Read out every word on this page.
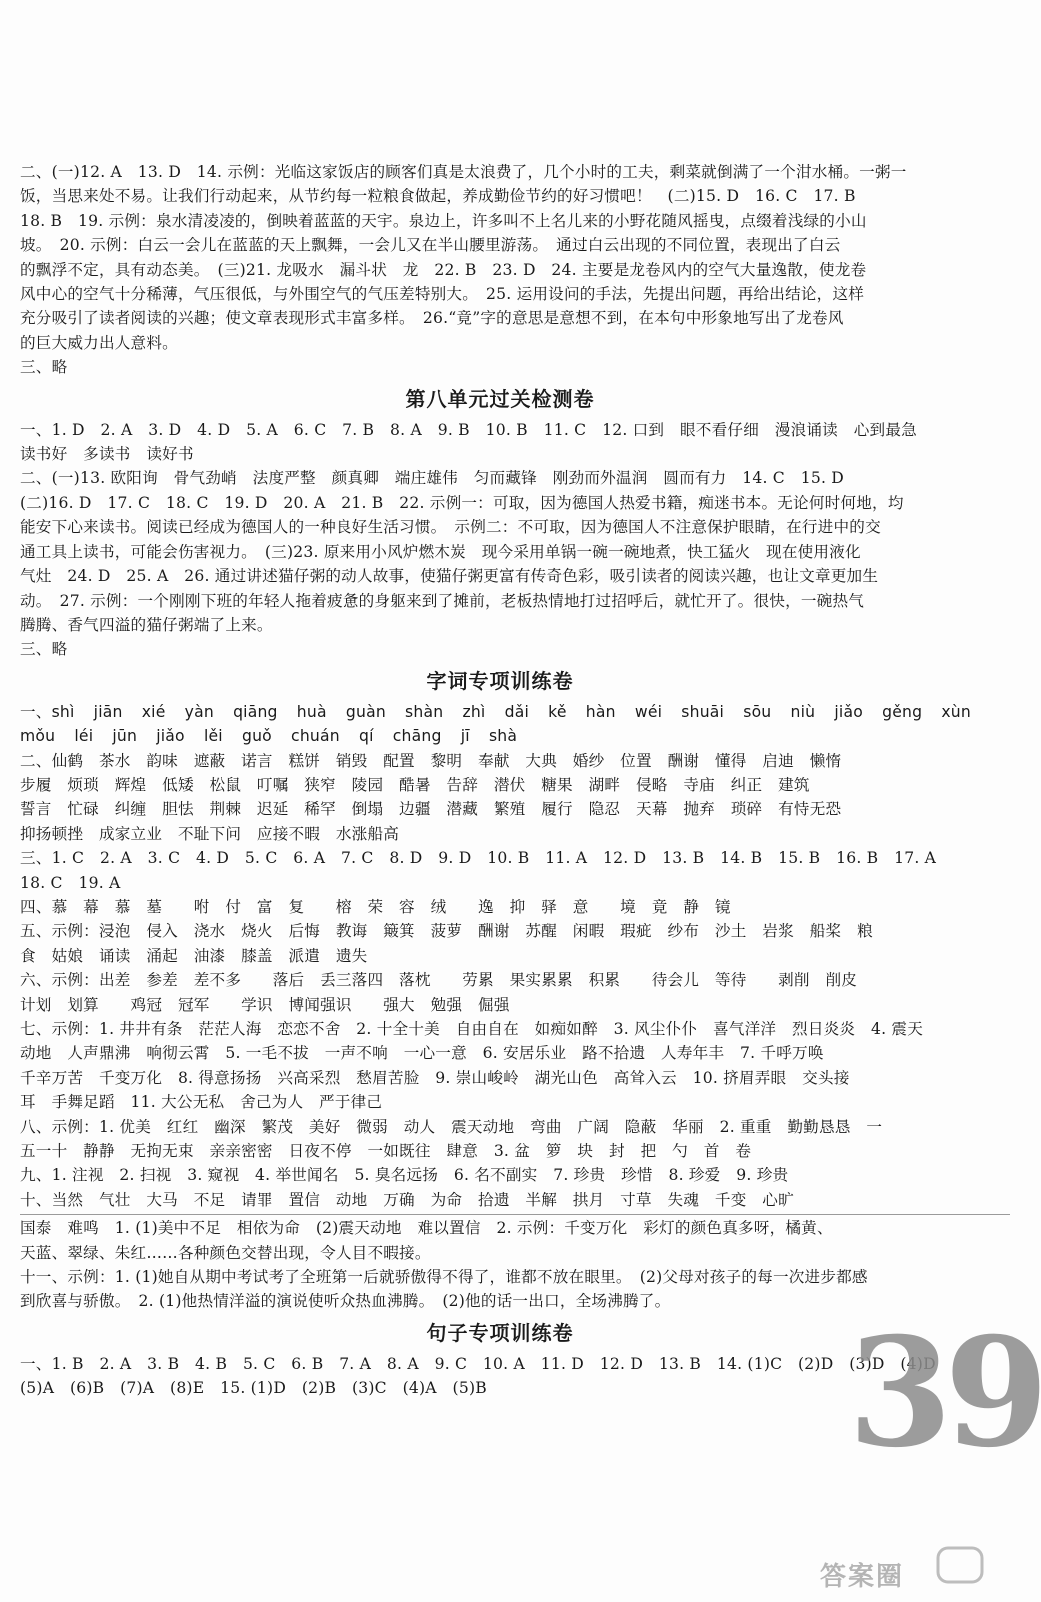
二、(一)12. A　13. D　14. 示例：光临这家饭店的顾客们真是太浪费了，几个小时的工夫，剩菜就倒满了一个泔水桶。一粥一
饭，当思来处不易。让我们行动起来，从节约每一粒粮食做起，养成勤俭节约的好习惯吧！　(二)15. D　16. C　17. B
18. B　19. 示例：泉水清凌凌的，倒映着蓝蓝的天宇。泉边上，许多叫不上名儿来的小野花随风摇曳，点缀着浅绿的小山
坡。　20. 示例：白云一会儿在蓝蓝的天上飘舞，一会儿又在半山腰里游荡。　通过白云出现的不同位置，表现出了白云
的飘浮不定，具有动态美。　(三)21. 龙吸水　漏斗状　龙　22. B　23. D　24. 主要是龙卷风内的空气大量逸散，使龙卷
风中心的空气十分稀薄，气压很低，与外围空气的气压差特别大。　25. 运用设问的手法，先提出问题，再给出结论，这样
充分吸引了读者阅读的兴趣；使文章表现形式丰富多样。　26.“竟”字的意思是意想不到，在本句中形象地写出了龙卷风
的巨大威力出人意料。
三、略
第八单元过关检测卷
一、1. D　2. A　3. D　4. D　5. A　6. C　7. B　8. A　9. B　10. B　11. C　12. 口到　眼不看仔细　漫浪诵读　心到最急
读书好　多读书　读好书
二、(一)13. 欧阳询　骨气劲峭　法度严整　颜真卿　端庄雄伟　匀而藏锋　刚劲而外温润　圆而有力　14. C　15. D
(二)16. D　17. C　18. C　19. D　20. A　21. B　22. 示例一：可取，因为德国人热爱书籍，痴迷书本。无论何时何地，均
能安下心来读书。阅读已经成为德国人的一种良好生活习惯。　示例二：不可取，因为德国人不注意保护眼睛，在行进中的交
通工具上读书，可能会伤害视力。　(三)23. 原来用小风炉燃木炭　现今采用单锅一碗一碗地煮，快工猛火　现在使用液化
气灶　24. D　25. A　26. 通过讲述猫仔粥的动人故事，使猫仔粥更富有传奇色彩，吸引读者的阅读兴趣，也让文章更加生
动。　27. 示例：一个刚刚下班的年轻人拖着疲惫的身躯来到了摊前，老板热情地打过招呼后，就忙开了。很快，一碗热气
腾腾、香气四溢的猫仔粥端了上来。
三、略
字词专项训练卷
一、shì jiān xié yàn qiāng huà guàn shàn zhì dǎi kě hàn wéi shuāi sōu niù jiǎo gěng xùn
mǒu léi jūn jiǎo lěi guǒ chuán qí chāng jī shà
二、仙鹤　茶水　韵味　遮蔽　诺言　糕饼　销毁　配置　黎明　奉献　大典　婚纱　位置　酬谢　懂得　启迪　懒惰
步履　烦琐　辉煌　低矮　松鼠　叮嘱　狭窄　陵园　酷暑　告辞　潜伏　糖果　湖畔　侵略　寺庙　纠正　建筑
誓言　忙碌　纠缠　胆怯　荆棘　迟延　稀罕　倒塌　边疆　潜藏　繁殖　履行　隐忍　天幕　抛弃　琐碎　有恃无恐
抑扬顿挫　成家立业　不耻下问　应接不暇　水涨船高
三、1. C　2. A　3. C　4. D　5. C　6. A　7. C　8. D　9. D　10. B　11. A　12. D　13. B　14. B　15. B　16. B　17. A
18. C　19. A
四、慕　幕　慕　墓　　咐　付　富　复　　榕　荣　容　绒　　逸　抑　驿　意　　境　竟　静　镜
五、示例：浸泡　侵入　浇水　烧火　后悔　教诲　簸箕　菠萝　酬谢　苏醒　闲暇　瑕疵　纱布　沙土　岩浆　船桨　粮
食　姑娘　诵读　涌起　油漆　膝盖　派遣　遗失
六、示例：出差　参差　差不多　　落后　丢三落四　落枕　　劳累　果实累累　积累　　待会儿　等待　　剥削　削皮
计划　划算　　鸡冠　冠军　　学识　博闻强识　　强大　勉强　倔强
七、示例：1. 井井有条　茫茫人海　恋恋不舍　2. 十全十美　自由自在　如痴如醉　3. 风尘仆仆　喜气洋洋　烈日炎炎　4. 震天
动地　人声鼎沸　响彻云霄　5. 一毛不拔　一声不响　一心一意　6. 安居乐业　路不拾遗　人寿年丰　7. 千呼万唤
千辛万苦　千变万化　8. 得意扬扬　兴高采烈　愁眉苦脸　9. 崇山峻岭　湖光山色　高耸入云　10. 挤眉弄眼　交头接
耳　手舞足蹈　11. 大公无私　舍己为人　严于律己
八、示例：1. 优美　红红　幽深　繁茂　美好　微弱　动人　震天动地　弯曲　广阔　隐蔽　华丽　2. 重重　勤勤恳恳　一
五一十　静静　无拘无束　亲亲密密　日夜不停　一如既往　肆意　3. 盆　箩　块　封　把　勺　首　卷
九、1. 注视　2. 扫视　3. 窥视　4. 举世闻名　5. 臭名远扬　6. 名不副实　7. 珍贵　珍惜　8. 珍爱　9. 珍贵
十、当然　气壮　大马　不足　请罪　置信　动地　万确　为命　拾遗　半解　拱月　寸草　失魂　千变　心旷
国泰　难鸣　1. (1)美中不足　相依为命　(2)震天动地　难以置信　2. 示例：千变万化　彩灯的颜色真多呀，橘黄、
天蓝、翠绿、朱红……各种颜色交替出现，令人目不暇接。
十一、示例：1. (1)她自从期中考试考了全班第一后就骄傲得不得了，谁都不放在眼里。　(2)父母对孩子的每一次进步都感
到欣喜与骄傲。　2. (1)他热情洋溢的演说使听众热血沸腾。　(2)他的话一出口，全场沸腾了。
句子专项训练卷
一、1. B　2. A　3. B　4. B　5. C　6. B　7. A　8. A　9. C　10. A　11. D　12. D　13. B　14. (1)C　(2)D　(3)D　(4)D
(5)A　(6)B　(7)A　(8)E　15. (1)D　(2)B　(3)C　(4)A　(5)B	39
答案圈
